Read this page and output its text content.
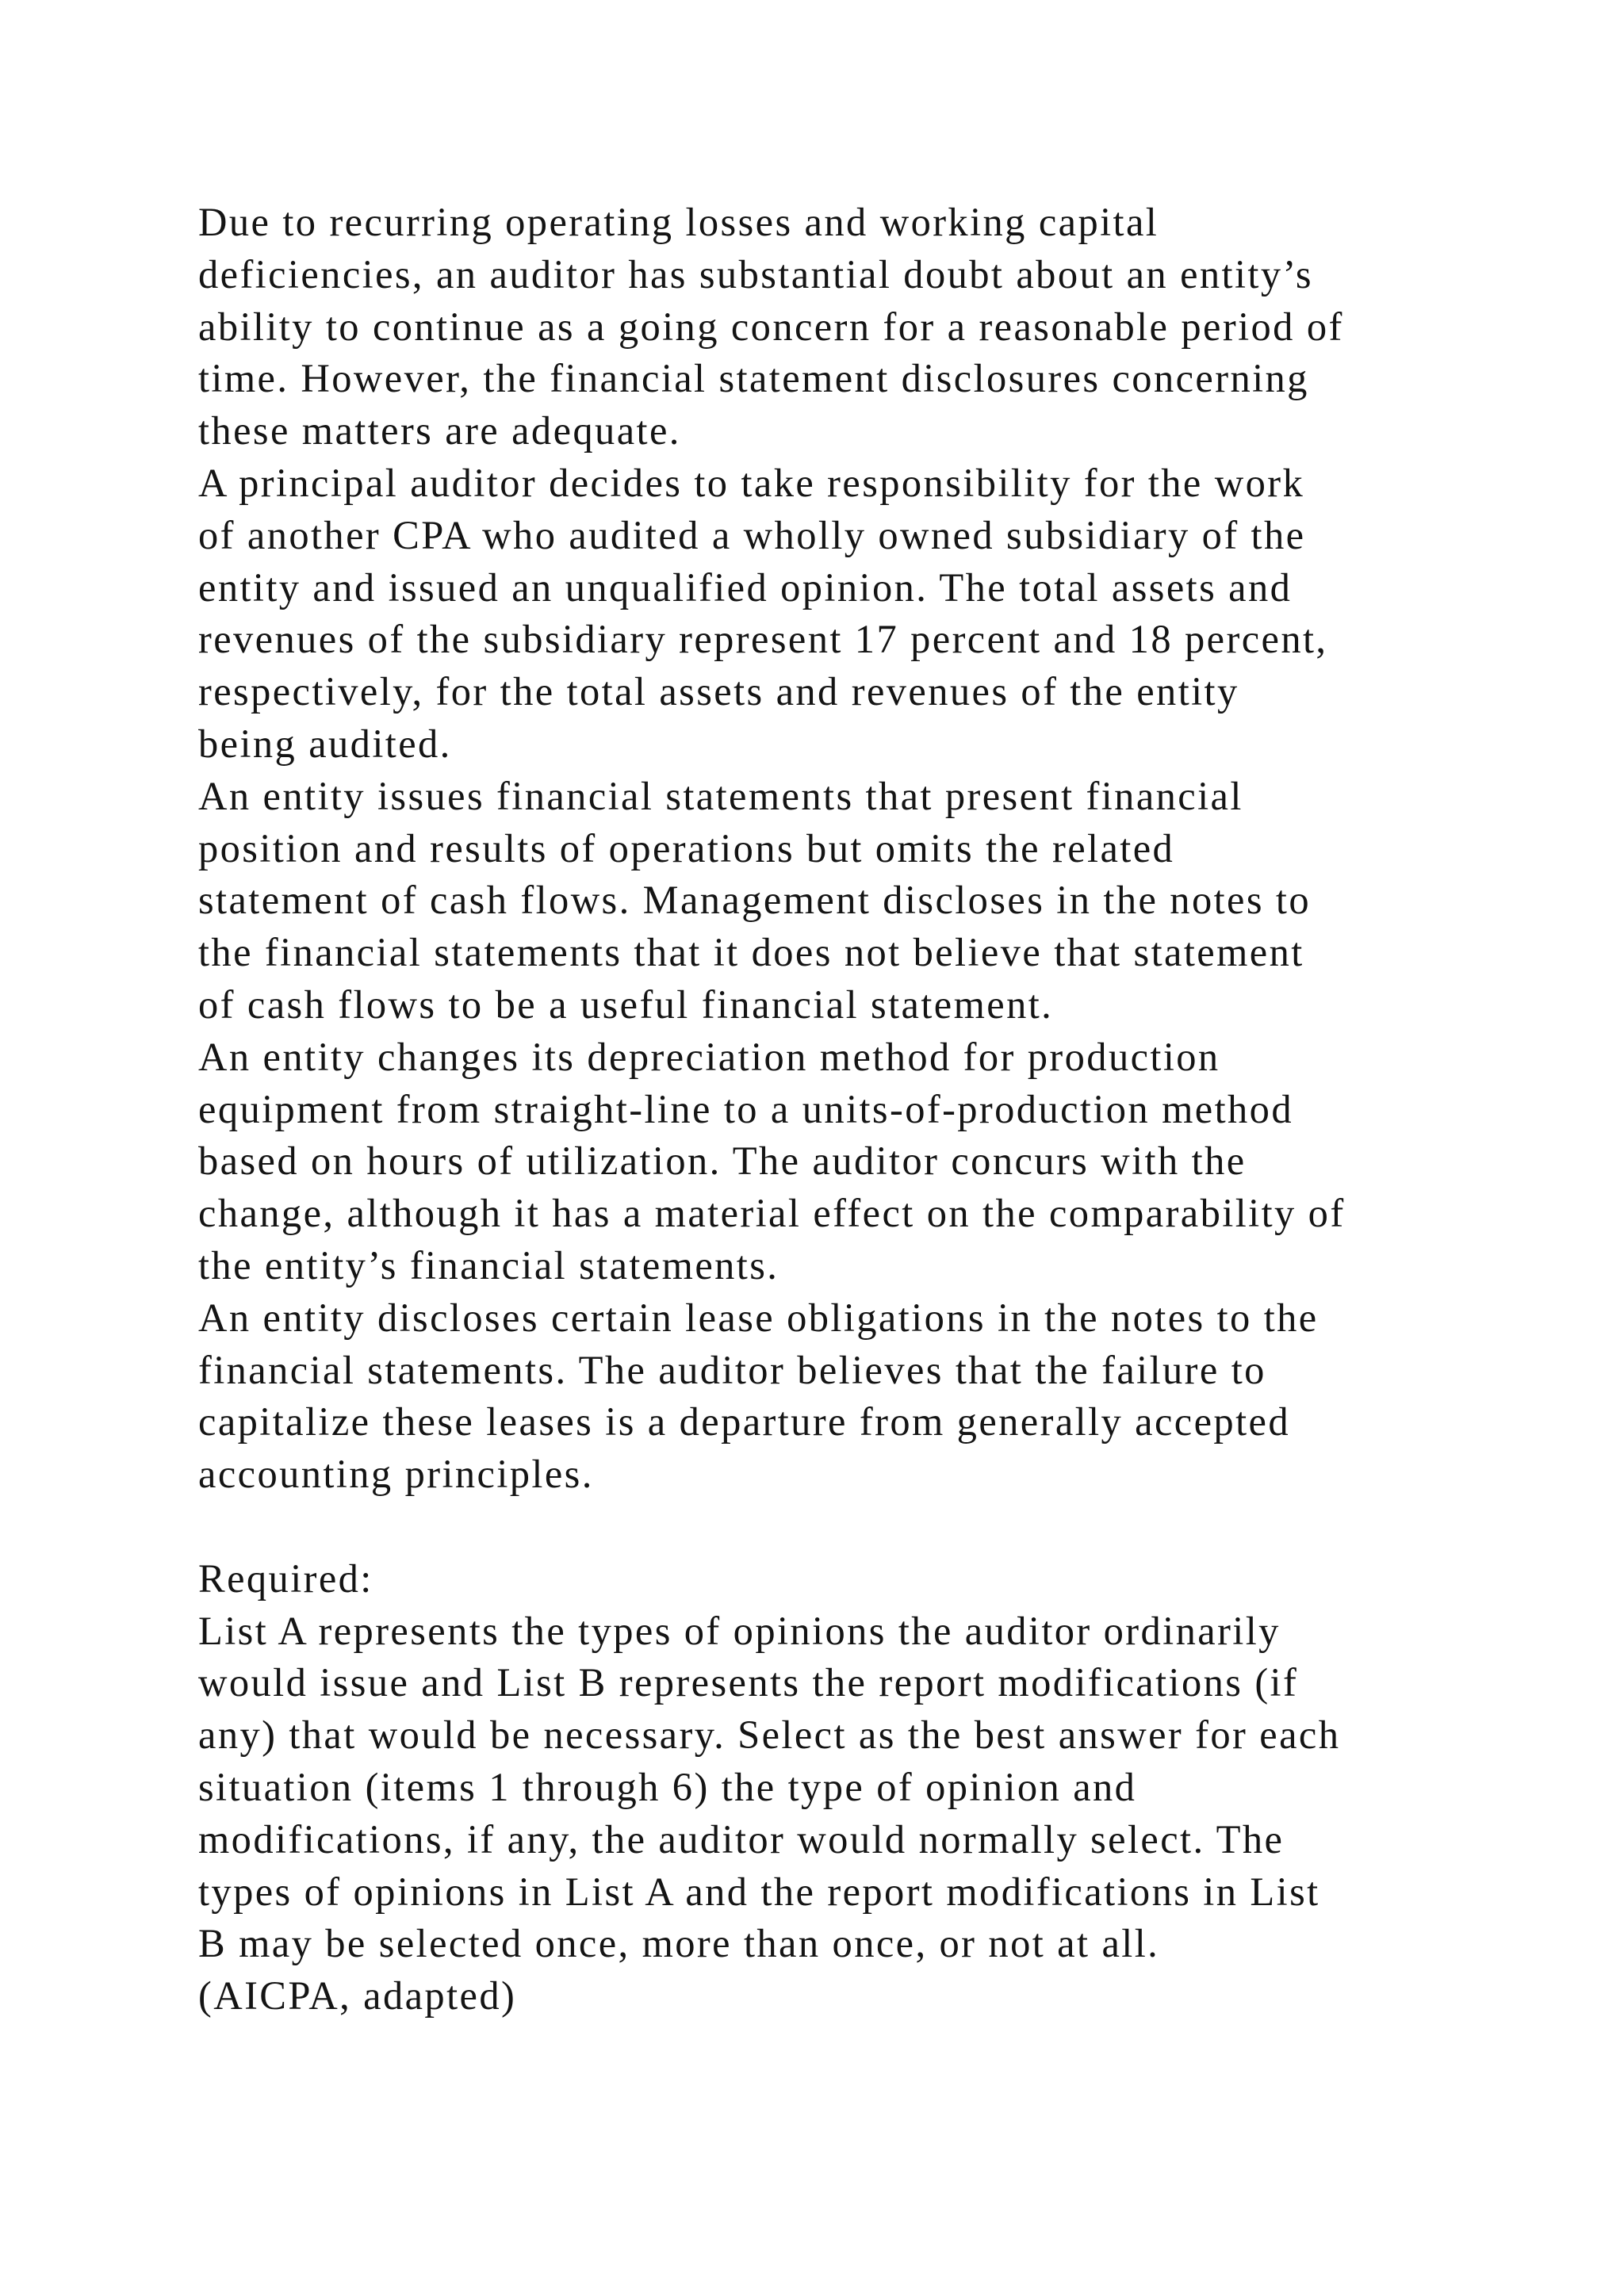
Due to recurring operating losses and working capital
deficiencies, an auditor has substantial doubt about an entity’s
ability to continue as a going concern for a reasonable period of
time. However, the financial statement disclosures concerning
these matters are adequate.
A principal auditor decides to take responsibility for the work
of another CPA who audited a wholly owned subsidiary of the
entity and issued an unqualified opinion. The total assets and
revenues of the subsidiary represent 17 percent and 18 percent,
respectively, for the total assets and revenues of the entity
being audited.
An entity issues financial statements that present financial
position and results of operations but omits the related
statement of cash flows. Management discloses in the notes to
the financial statements that it does not believe that statement
of cash flows to be a useful financial statement.
An entity changes its depreciation method for production
equipment from straight-line to a units-of-production method
based on hours of utilization. The auditor concurs with the
change, although it has a material effect on the comparability of
the entity’s financial statements.
An entity discloses certain lease obligations in the notes to the
financial statements. The auditor believes that the failure to
capitalize these leases is a departure from generally accepted
accounting principles.
Required:
List A represents the types of opinions the auditor ordinarily
would issue and List B represents the report modifications (if
any) that would be necessary. Select as the best answer for each
situation (items 1 through 6) the type of opinion and
modifications, if any, the auditor would normally select. The
types of opinions in List A and the report modifications in List
B may be selected once, more than once, or not at all.
(AICPA, adapted)
